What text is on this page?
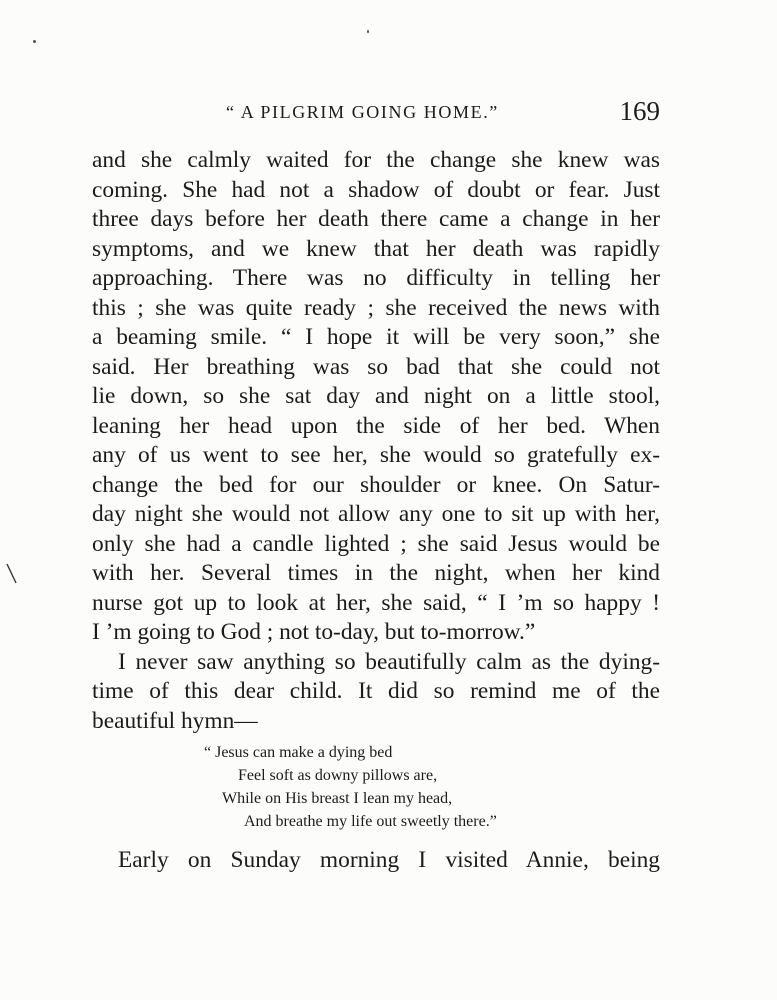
“ A PILGRIM GOING HOME.”	169
and she calmly waited for the change she knew was
coming. She had not a shadow of doubt or fear. Just
three days before her death there came a change in her
symptoms, and we knew that her death was rapidly
approaching. There was no difficulty in telling her
this ; she was quite ready ; she received the news with
a beaming smile. “ I hope it will be very soon,” she
said. Her breathing was so bad that she could not
lie down, so she sat day and night on a little stool,
leaning her head upon the side of her bed. When
any of us went to see her, she would so gratefully ex-
change the bed for our shoulder or knee. On Satur-
day night she would not allow any one to sit up with her,
only she had a candle lighted ; she said Jesus would be
with her. Several times in the night, when her kind
nurse got up to look at her, she said, “ I ’m so happy !
I ’m going to God ; not to-day, but to-morrow.”
I never saw anything so beautifully calm as the dying-
time of this dear child. It did so remind me of the
beautiful hymn—
“ Jesus can make a dying bed
Feel soft as downy pillows are,
While on His breast I lean my head,
And breathe my life out sweetly there.”
Early on Sunday morning I visited Annie, being
